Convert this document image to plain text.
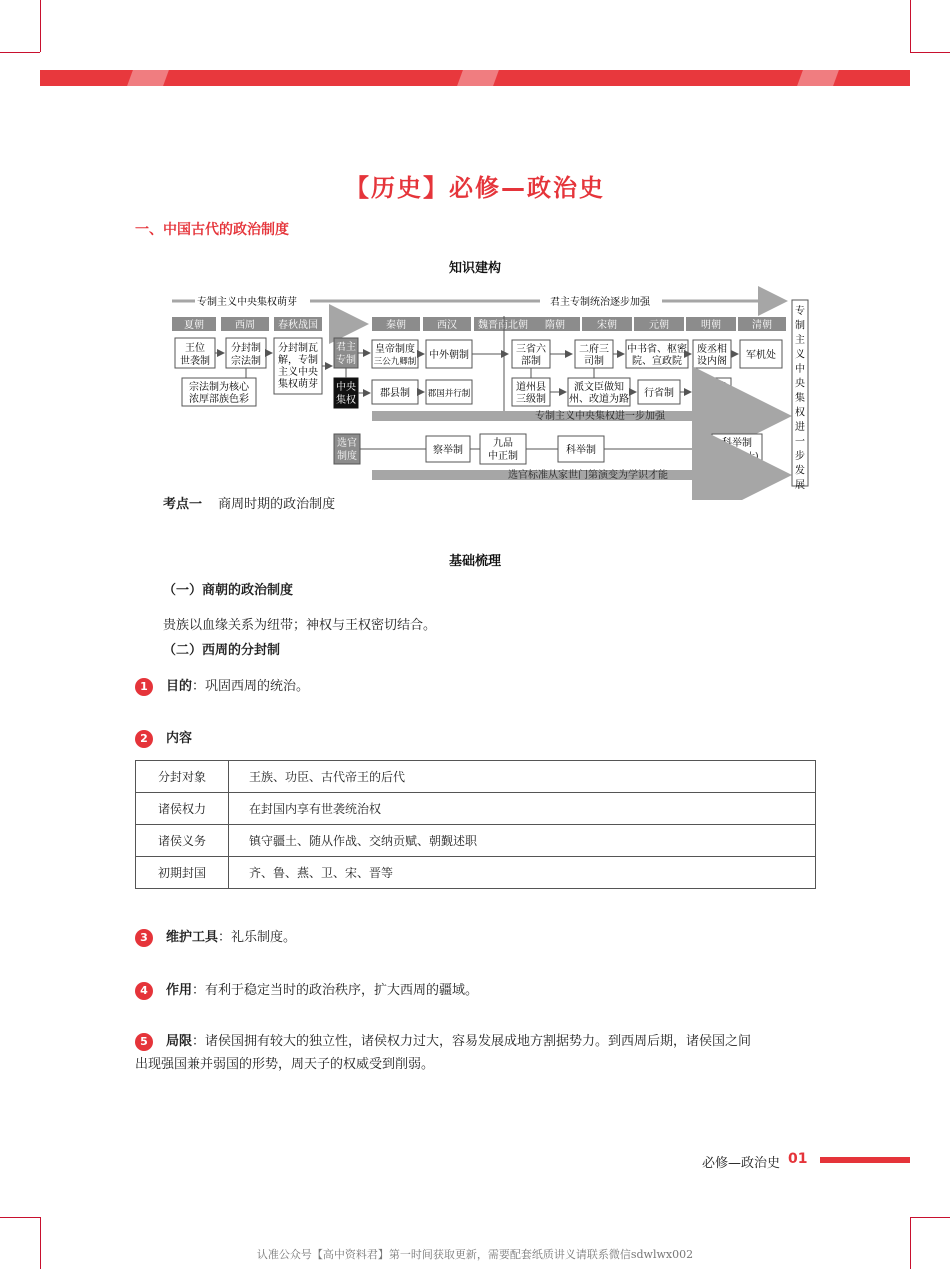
【历史】必修—政治史
一、中国古代的政治制度
知识建构
专制主义中央集权萌芽	君主专制统治逐步加强
夏朝	西周 春秋战国	秦朝	西汉 魏晋南北朝 隋朝	宋朝	元朝	明朝	清朝
王位
世袭制
分封制
宗法制
分封制瓦
解，专制
主义中央
集权萌芽
宗法制为核心
浓厚部族色彩
君主
专制
中央
集权
选官
制度
皇帝制度
三公九卿制
中外朝制
三省六
部制
二府三
司制
中书省、枢密
院、宣政院
废丞相
设内阁
军机处
郡县制 郡国并行制
道州县
三级制
派文臣做知
州、改道为路
行省制
废行省
设三司
专制主义中央集权进一步加强
察举制
九品
中正制
科举制
科举制
(八股取士)
选官标准从家世门第演变为学识才能
专
制
主
义
中
央
集
权
进
一
步
发
展
考点一 商周时期的政治制度
基础梳理
（一）商朝的政治制度
贵族以血缘关系为纽带；神权与王权密切结合。
（二）西周的分封制
1	目的：巩固西周的统治。
2	内容
分封对象	王族、功臣、古代帝王的后代
诸侯权力	在封国内享有世袭统治权
诸侯义务	镇守疆土、随从作战、交纳贡赋、朝觐述职
初期封国	齐、鲁、燕、卫、宋、晋等
3	维护工具：礼乐制度。
4	作用：有利于稳定当时的政治秩序，扩大西周的疆域。
5	局限：诸侯国拥有较大的独立性，诸侯权力过大，容易发展成地方割据势力。到西周后期，诸侯国之间
出现强国兼并弱国的形势，周天子的权威受到削弱。
必修—政治史 01
认准公众号【高中资料君】第一时间获取更新，需要配套纸质讲义请联系微信sdwlwx002
